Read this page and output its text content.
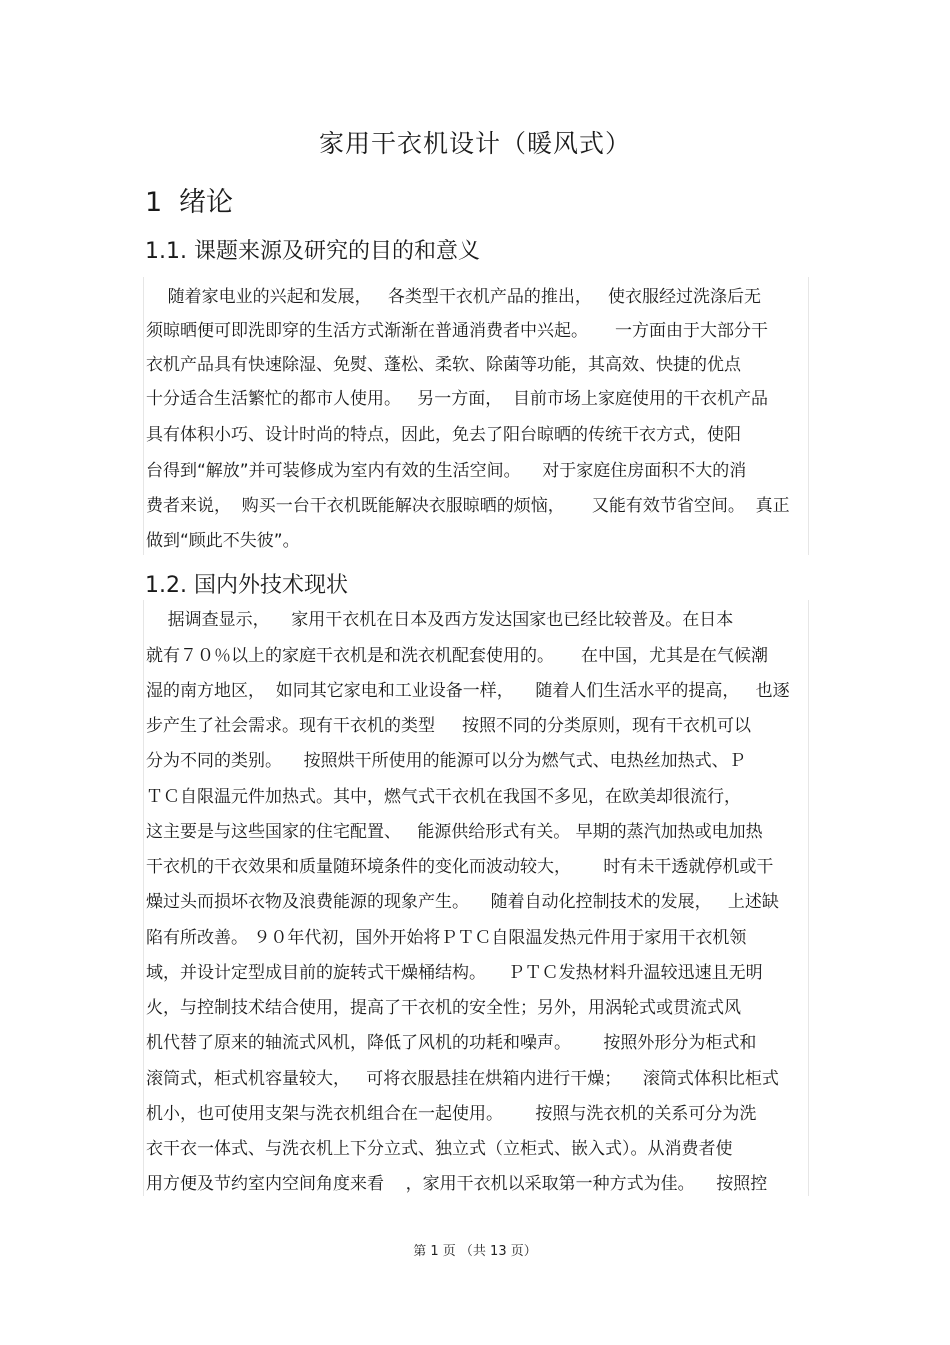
家用干衣机设计（暖风式）
1 绪论
1.1. 课题来源及研究的目的和意义
随着家电业的兴起和发展，   各类型干衣机产品的推出，   使衣服经过洗涤后无
须晾晒便可即洗即穿的生活方式渐渐在普通消费者中兴起。     一方面由于大部分干
衣机产品具有快速除湿、免熨、蓬松、柔软、除菌等功能，其高效、快捷的优点
十分适合生活繁忙的都市人使用。   另一方面，  目前市场上家庭使用的干衣机产品
具有体积小巧、设计时尚的特点，因此，免去了阳台晾晒的传统干衣方式，使阳
台得到“解放”并可装修成为室内有效的生活空间。    对于家庭住房面积不大的消
费者来说，  购买一台干衣机既能解决衣服晾晒的烦恼，     又能有效节省空间。  真正
做到“顾此不失彼”。
1.2. 国内外技术现状
据调查显示，    家用干衣机在日本及西方发达国家也已经比较普及。在日本
就有７０％以上的家庭干衣机是和洗衣机配套使用的。     在中国，尤其是在气候潮
湿的南方地区，  如同其它家电和工业设备一样，    随着人们生活水平的提高，   也逐
步产生了社会需求。现有干衣机的类型     按照不同的分类原则，现有干衣机可以
分为不同的类别。    按照烘干所使用的能源可以分为燃气式、电热丝加热式、Ｐ
ＴＣ自限温元件加热式。其中，燃气式干衣机在我国不多见，在欧美却很流行，
这主要是与这些国家的住宅配置、   能源供给形式有关。 早期的蒸汽加热或电加热
干衣机的干衣效果和质量随环境条件的变化而波动较大，      时有未干透就停机或干
燥过头而损坏衣物及浪费能源的现象产生。    随着自动化控制技术的发展，   上述缺
陷有所改善。 ９０年代初，国外开始将ＰＴＣ自限温发热元件用于家用干衣机领
域，并设计定型成目前的旋转式干燥桶结构。    ＰＴＣ发热材料升温较迅速且无明
火，与控制技术结合使用，提高了干衣机的安全性；另外，用涡轮式或贯流式风
机代替了原来的轴流式风机，降低了风机的功耗和噪声。      按照外形分为柜式和
滚筒式，柜式机容量较大，   可将衣服悬挂在烘箱内进行干燥；    滚筒式体积比柜式
机小，也可使用支架与洗衣机组合在一起使用。      按照与洗衣机的关系可分为洗
衣干衣一体式、与洗衣机上下分立式、独立式（立柜式、嵌入式）。从消费者使
用方便及节约室内空间角度来看    ，家用干衣机以采取第一种方式为佳。    按照控
第 1 页 （共 13 页）
